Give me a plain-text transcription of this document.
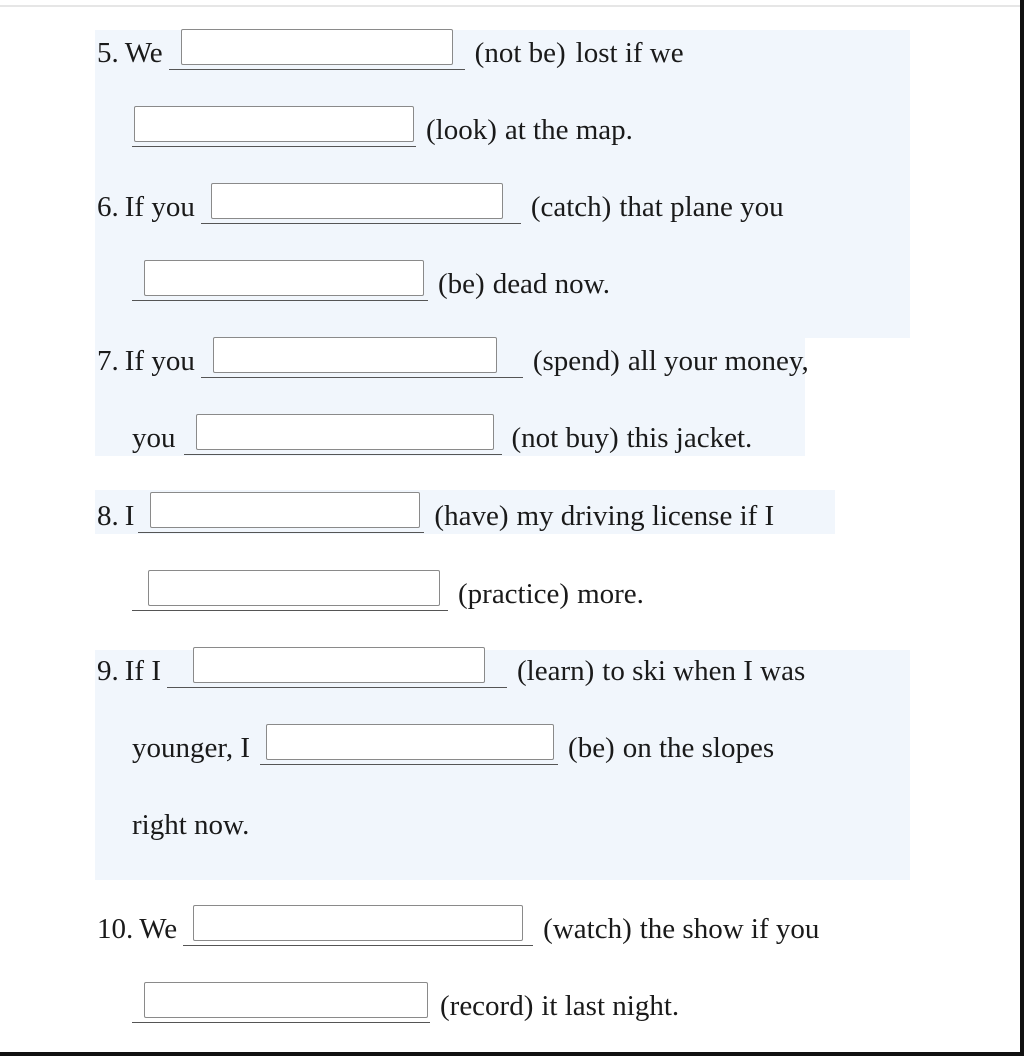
5. We	(not be) lost if we
(look) at the map.
6. If you	(catch) that plane you
(be) dead now.
7. If you	(spend) all your money,
you	(not buy) this jacket.
8. I	(have) my driving license if I
(practice) more.
9. If I	(learn) to ski when I was
younger, I	(be) on the slopes
right now.
10. We	(watch) the show if you
(record) it last night.
